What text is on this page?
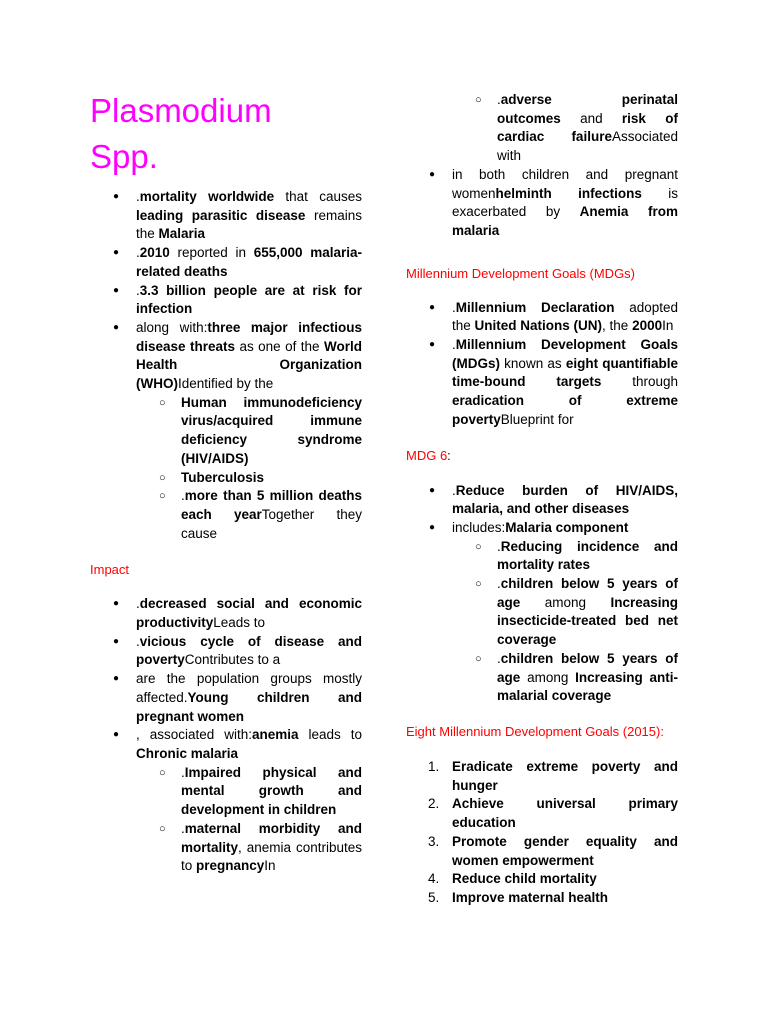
Plasmodium
Spp.
● .mortality worldwide that causes leading parasitic disease remains the Malaria
● .2010 reported in 655,000 malaria-related deaths
● .3.3 billion people are at risk for infection
● along with:three major infectious disease threats as one of the World Health Organization (WHO)Identified by the
○ Human immunodeficiency virus/acquired immune deficiency syndrome (HIV/AIDS)
○ Tuberculosis
○ .more than 5 million deaths each yearTogether they cause

Impact

● .decreased social and economic productivityLeads to
● .vicious cycle of disease and povertyContributes to a
● are the population groups mostly affected.Young children and pregnant women
● , associated with:anemia leads to Chronic malaria
○ .Impaired physical and mental growth and development in children
○ .maternal morbidity and mortality, anemia contributes to pregnancyIn
○ .adverse perinatal outcomes and risk of cardiac failureAssociated with
● in both children and pregnant womenhelminth infections is exacerbated by Anemia from malaria

Millennium Development Goals (MDGs)

● .Millennium Declaration adopted the United Nations (UN), the 2000In
● .Millennium Development Goals (MDGs) known as eight quantifiable time-bound targets through eradication of extreme povertyBlueprint for

MDG 6:

● .Reduce burden of HIV/AIDS, malaria, and other diseases
● includes:Malaria component
○ .Reducing incidence and mortality rates
○ .children below 5 years of age among Increasing insecticide-treated bed net coverage
○ .children below 5 years of age among Increasing anti-malarial coverage

Eight Millennium Development Goals (2015):

1. Eradicate extreme poverty and hunger
2. Achieve universal primary education
3. Promote gender equality and women empowerment
4. Reduce child mortality
5. Improve maternal health
